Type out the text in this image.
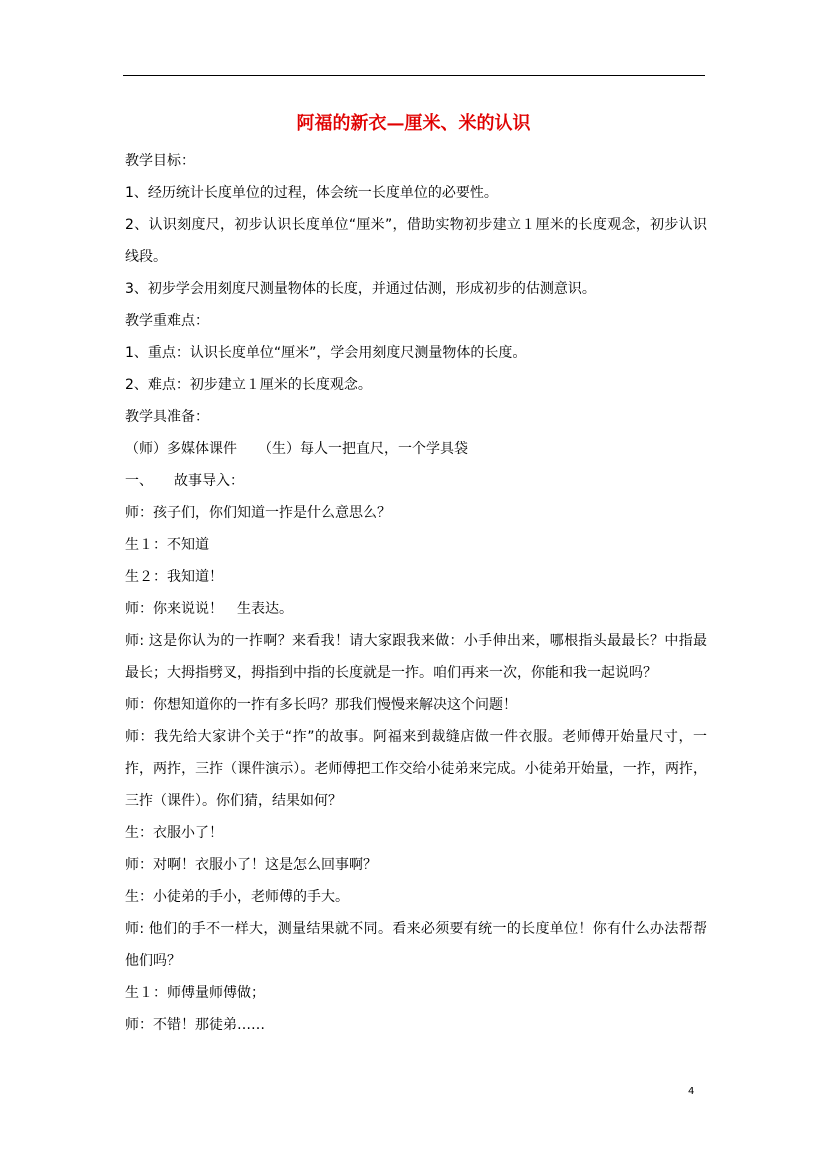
阿福的新衣—厘米、米的认识
教学目标：
1、经历统计长度单位的过程，体会统一长度单位的必要性。
2、认识刻度尺，初步认识长度单位“厘米”，借助实物初步建立１厘米的长度观念，初步认识线段。
3、初步学会用刻度尺测量物体的长度，并通过估测，形成初步的估测意识。
教学重难点：
1、重点：认识长度单位“厘米”，学会用刻度尺测量物体的长度。
2、难点：初步建立１厘米的长度观念。
教学具准备：
（师）多媒体课件　　（生）每人一把直尺，一个学具袋
一、　　故事导入：
师：孩子们，你们知道一拃是什么意思么？
生１：不知道
生２：我知道！
师：你来说说！　生表达。
师: 这是你认为的一拃啊？来看我！请大家跟我来做：小手伸出来，哪根指头最最长？中指最最长；大拇指劈叉，拇指到中指的长度就是一拃。咱们再来一次，你能和我一起说吗？
师：你想知道你的一拃有多长吗？那我们慢慢来解决这个问题！
师：我先给大家讲个关于“拃”的故事。阿福来到裁缝店做一件衣服。老师傅开始量尺寸，一拃，两拃，三拃（课件演示）。老师傅把工作交给小徒弟来完成。小徒弟开始量，一拃，两拃，三拃（课件）。你们猜，结果如何？
生：衣服小了！
师：对啊！衣服小了！这是怎么回事啊？
生：小徒弟的手小，老师傅的手大。
师: 他们的手不一样大，测量结果就不同。看来必须要有统一的长度单位！你有什么办法帮帮他们吗？
生１：师傅量师傅做；
师：不错！那徒弟……
4
